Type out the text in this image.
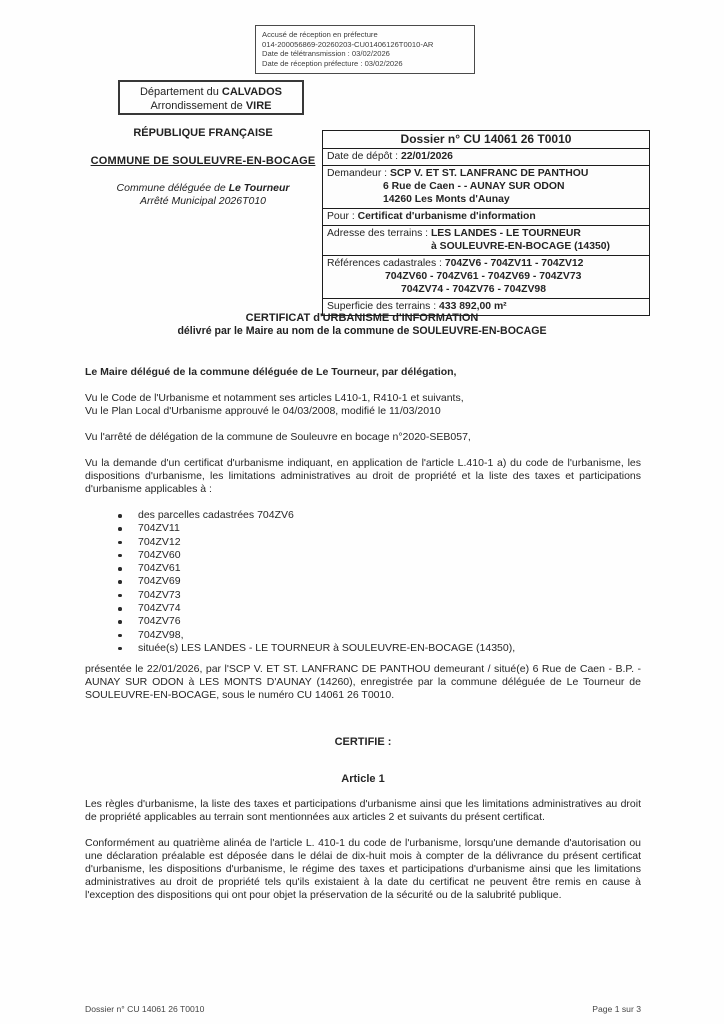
Accusé de réception en préfecture
014-200056869-20260203-CU01406126T0010-AR
Date de télétransmission : 03/02/2026
Date de réception préfecture : 03/02/2026
Département du CALVADOS
Arrondissement de VIRE

RÉPUBLIQUE FRANÇAISE

COMMUNE DE SOULEUVRE-EN-BOCAGE

Commune déléguée de Le Tourneur

Arrêté Municipal 2026T010

Dossier n° CU 14061 26 T0010
Date de dépôt : 22/01/2026
Demandeur : SCP V. ET ST. LANFRANC DE PANTHOU
6 Rue de Caen - - AUNAY SUR ODON
14260 Les Monts d'Aunay
Pour : Certificat d'urbanisme d'information
Adresse des terrains : LES LANDES - LE TOURNEUR
à SOULEUVRE-EN-BOCAGE (14350)
Références cadastrales : 704ZV6 - 704ZV11 - 704ZV12
704ZV60 - 704ZV61 - 704ZV69 - 704ZV73
704ZV74 - 704ZV76 - 704ZV98
Superficie des terrains : 433 892,00 m²

CERTIFICAT d'URBANISME d'INFORMATION

délivré par le Maire au nom de la commune de SOULEUVRE-EN-BOCAGE

Le Maire délégué de la commune déléguée de Le Tourneur, par délégation,

Vu le Code de l'Urbanisme et notamment ses articles L410-1, R410-1 et suivants,

Vu le Plan Local d'Urbanisme approuvé le 04/03/2008, modifié le 11/03/2010

Vu l'arrêté de délégation de la commune de Souleuvre en bocage n°2020-SEB057,

Vu la demande d'un certificat d'urbanisme indiquant, en application de l'article L.410-1 a) du code de l'urbanisme, les dispositions d'urbanisme, les limitations administratives au droit de propriété et la liste des taxes et participations d'urbanisme applicables à :

des parcelles cadastrées 704ZV6
704ZV11
704ZV12
704ZV60
704ZV61
704ZV69
704ZV73
704ZV74
704ZV76
704ZV98,
située(s) LES LANDES - LE TOURNEUR à SOULEUVRE-EN-BOCAGE (14350),

présentée le 22/01/2026, par l'SCP V. ET ST. LANFRANC DE PANTHOU demeurant / situé(e) 6 Rue de Caen - B.P. - AUNAY SUR ODON à LES MONTS D'AUNAY (14260), enregistrée par la commune déléguée de Le Tourneur de SOULEUVRE-EN-BOCAGE, sous le numéro CU 14061 26 T0010.

CERTIFIE :

Article 1

Les règles d'urbanisme, la liste des taxes et participations d'urbanisme ainsi que les limitations administratives au droit de propriété applicables au terrain sont mentionnées aux articles 2 et suivants du présent certificat.

Conformément au quatrième alinéa de l'article L. 410-1 du code de l'urbanisme, lorsqu'une demande d'autorisation ou une déclaration préalable est déposée dans le délai de dix-huit mois à compter de la délivrance du présent certificat d'urbanisme, les dispositions d'urbanisme, le régime des taxes et participations d'urbanisme ainsi que les limitations administratives au droit de propriété tels qu'ils existaient à la date du certificat ne peuvent être remis en cause à l'exception des dispositions qui ont pour objet la préservation de la sécurité ou de la salubrité publique.

Dossier n° CU 14061 26 T0010	Page 1 sur 3
